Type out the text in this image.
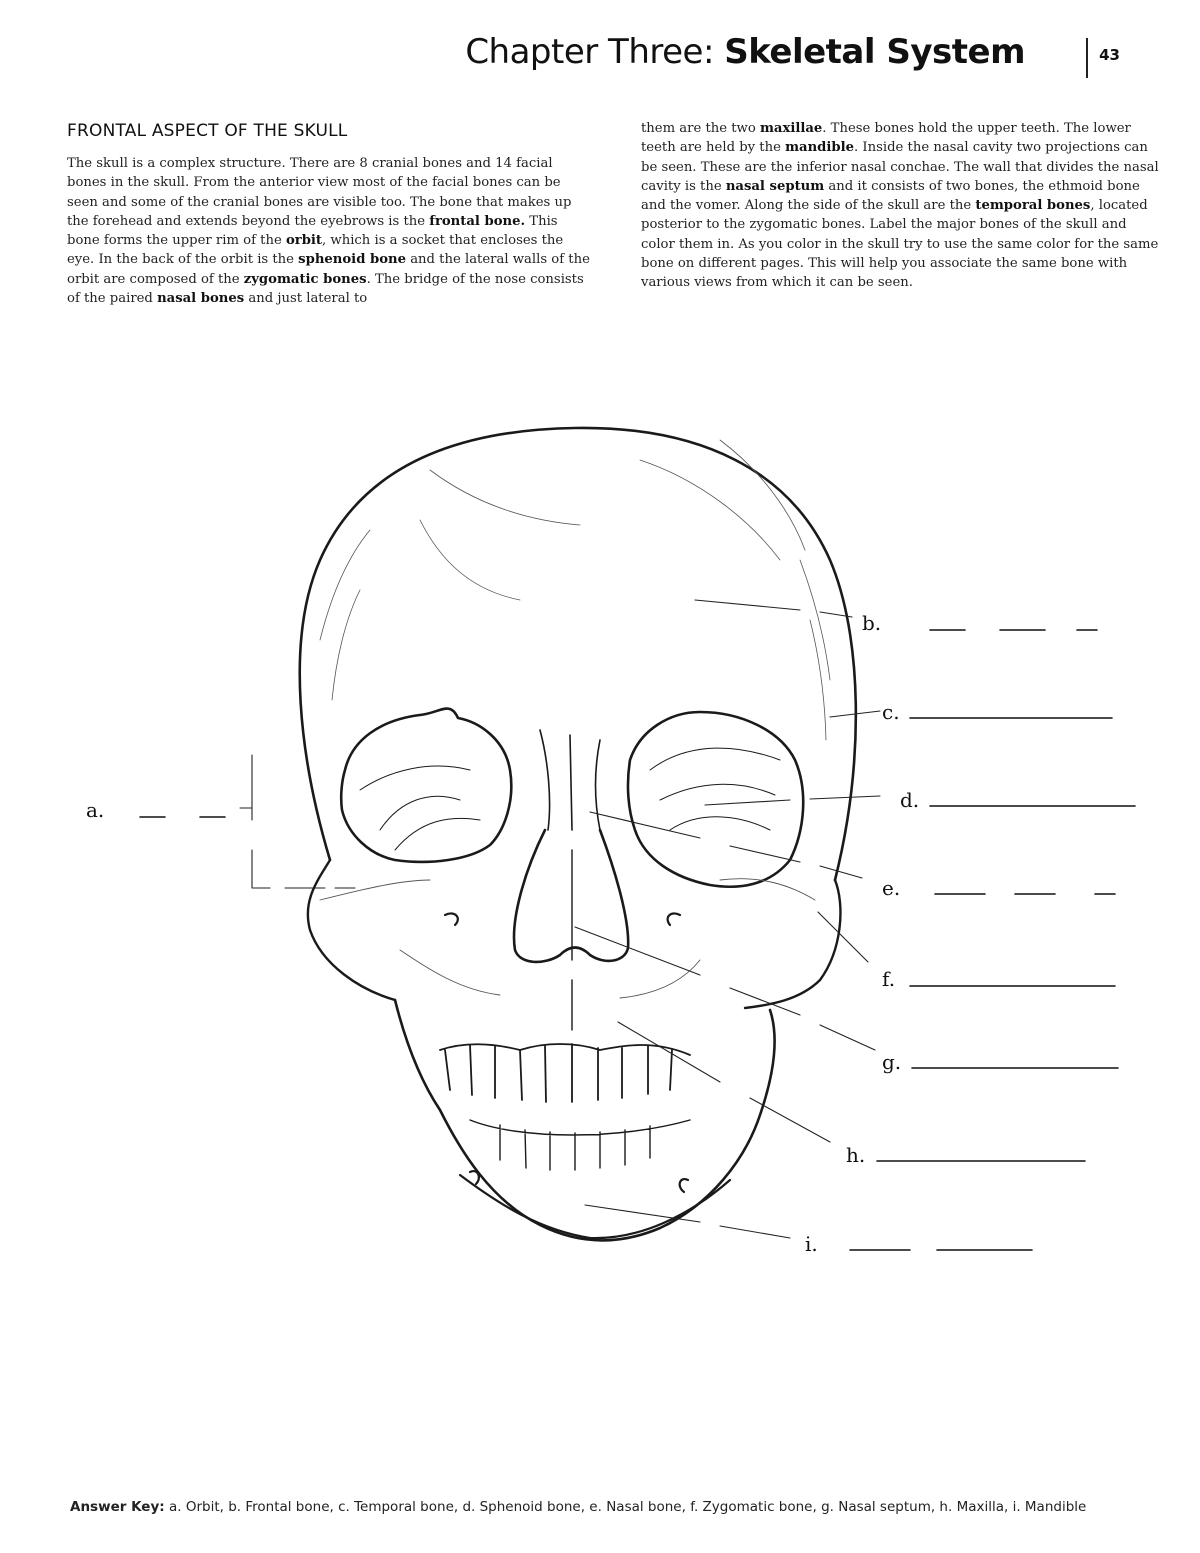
Chapter Three: Skeletal System	43
FRONTAL ASPECT OF THE SKULL

The skull is a complex structure. There are 8 cranial bones and 14 facial bones in the skull. From the anterior view most of the facial bones can be seen and some of the cranial bones are visible too. The bone that makes up the forehead and extends beyond the eyebrows is the frontal bone. This bone forms the upper rim of the orbit, which is a socket that encloses the eye. In the back of the orbit is the sphenoid bone and the lateral walls of the orbit are composed of the zygomatic bones. The bridge of the nose consists of the paired nasal bones and just lateral to

them are the two maxillae. These bones hold the upper teeth. The lower teeth are held by the mandible. Inside the nasal cavity two projections can be seen. These are the inferior nasal conchae. The wall that divides the nasal cavity is the nasal septum and it consists of two bones, the ethmoid bone and the vomer. Along the side of the skull are the temporal bones, located posterior to the zygomatic bones. Label the major bones of the skull and color them in. As you color in the skull try to use the same color for the same bone on different pages. This will help you associate the same bone with various views from which it can be seen.

a.
b.
c.
d.
e.
f.
g.
h.
i.
Answer Key: a. Orbit, b. Frontal bone, c. Temporal bone, d. Sphenoid bone, e. Nasal bone, f. Zygomatic bone, g. Nasal septum, h. Maxilla, i. Mandible
